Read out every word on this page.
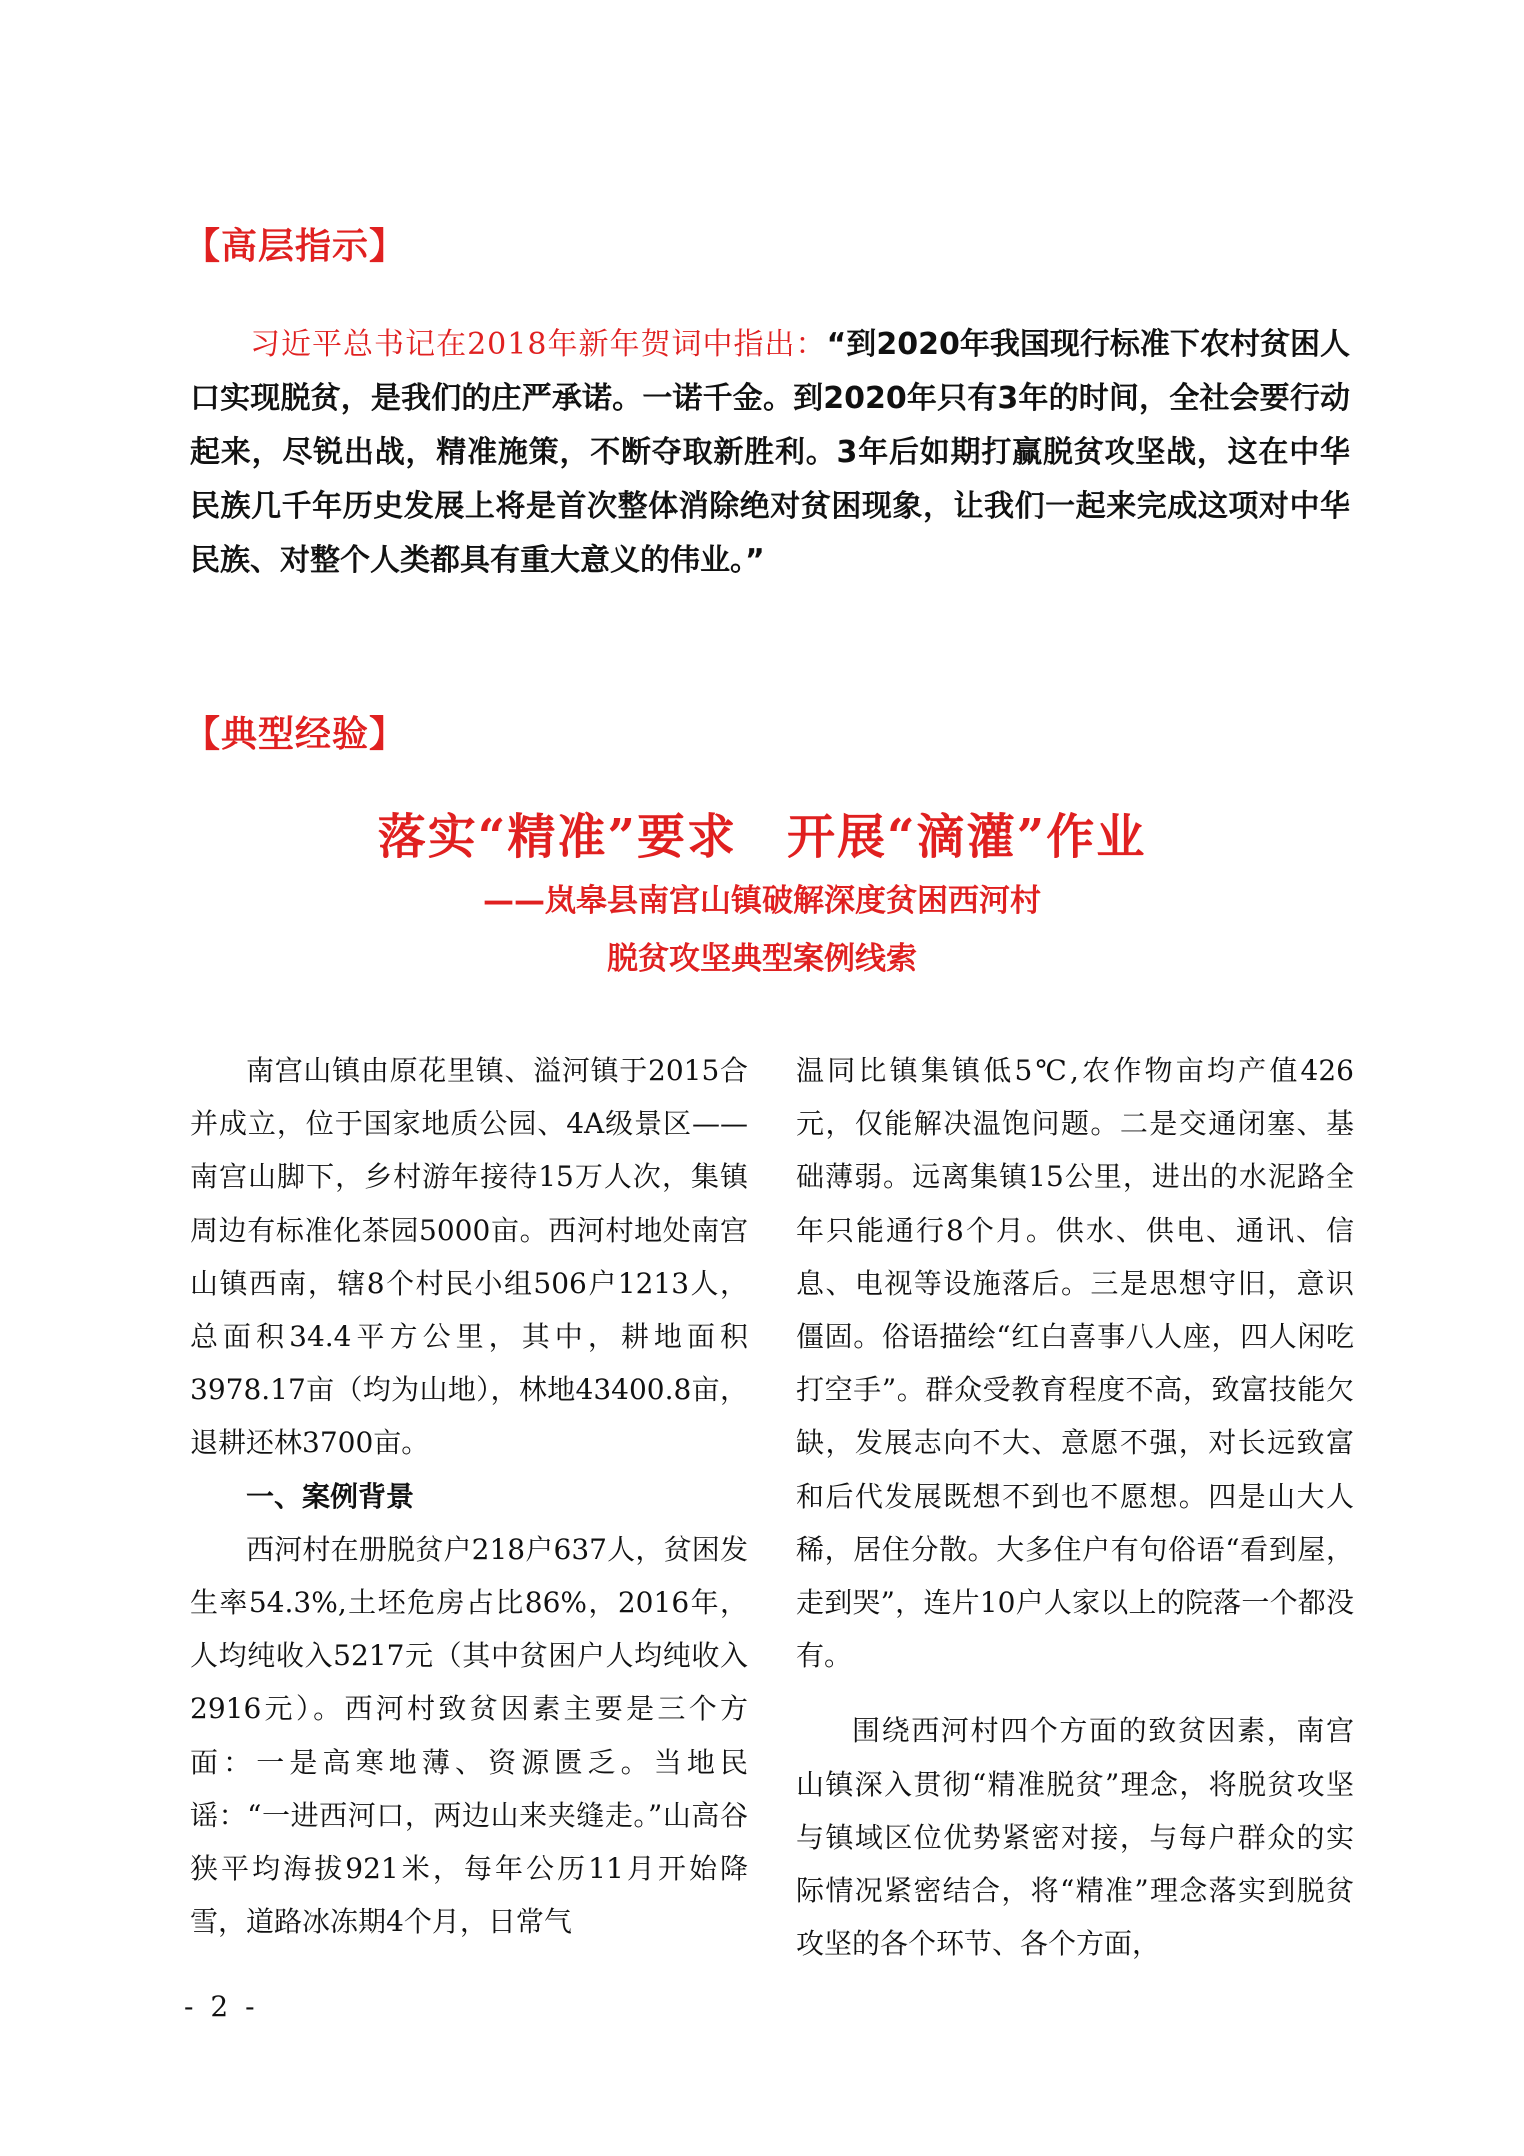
【高层指示】

习近平总书记在2018年新年贺词中指出：“到2020年我国现行标准下农村贫困人口实现脱贫，是我们的庄严承诺。一诺千金。到2020年只有3年的时间，全社会要行动起来，尽锐出战，精准施策，不断夺取新胜利。3年后如期打赢脱贫攻坚战，这在中华民族几千年历史发展上将是首次整体消除绝对贫困现象，让我们一起来完成这项对中华民族、对整个人类都具有重大意义的伟业。”

【典型经验】
落实“精准”要求　开展“滴灌”作业
——岚皋县南宫山镇破解深度贫困西河村
脱贫攻坚典型案例线索

南宫山镇由原花里镇、溢河镇于2015合并成立，位于国家地质公园、4A级景区——南宫山脚下，乡村游年接待15万人次，集镇周边有标准化茶园5000亩。西河村地处南宫山镇西南，辖8个村民小组506户1213人，总面积34.4平方公里，其中，耕地面积3978.17亩（均为山地），林地43400.8亩，退耕还林3700亩。

一、案例背景

西河村在册脱贫户218户637人，贫困发生率54.3%,土坯危房占比86%，2016年，人均纯收入5217元（其中贫困户人均纯收入2916元）。西河村致贫因素主要是三个方面：一是高寒地薄、资源匮乏。当地民谣：“一进西河口，两边山来夹缝走。”山高谷狭平均海拔921米，每年公历11月开始降雪，道路冰冻期4个月，日常气

温同比镇集镇低5℃,农作物亩均产值426元，仅能解决温饱问题。二是交通闭塞、基础薄弱。远离集镇15公里，进出的水泥路全年只能通行8个月。供水、供电、通讯、信息、电视等设施落后。三是思想守旧，意识僵固。俗语描绘“红白喜事八人座，四人闲吃打空手”。群众受教育程度不高，致富技能欠缺，发展志向不大、意愿不强，对长远致富和后代发展既想不到也不愿想。四是山大人稀，居住分散。大多住户有句俗语“看到屋，走到哭”，连片10户人家以上的院落一个都没有。

围绕西河村四个方面的致贫因素，南宫山镇深入贯彻“精准脱贫”理念，将脱贫攻坚与镇域区位优势紧密对接，与每户群众的实际情况紧密结合，将“精准”理念落实到脱贫攻坚的各个环节、各个方面，

- 2 -
